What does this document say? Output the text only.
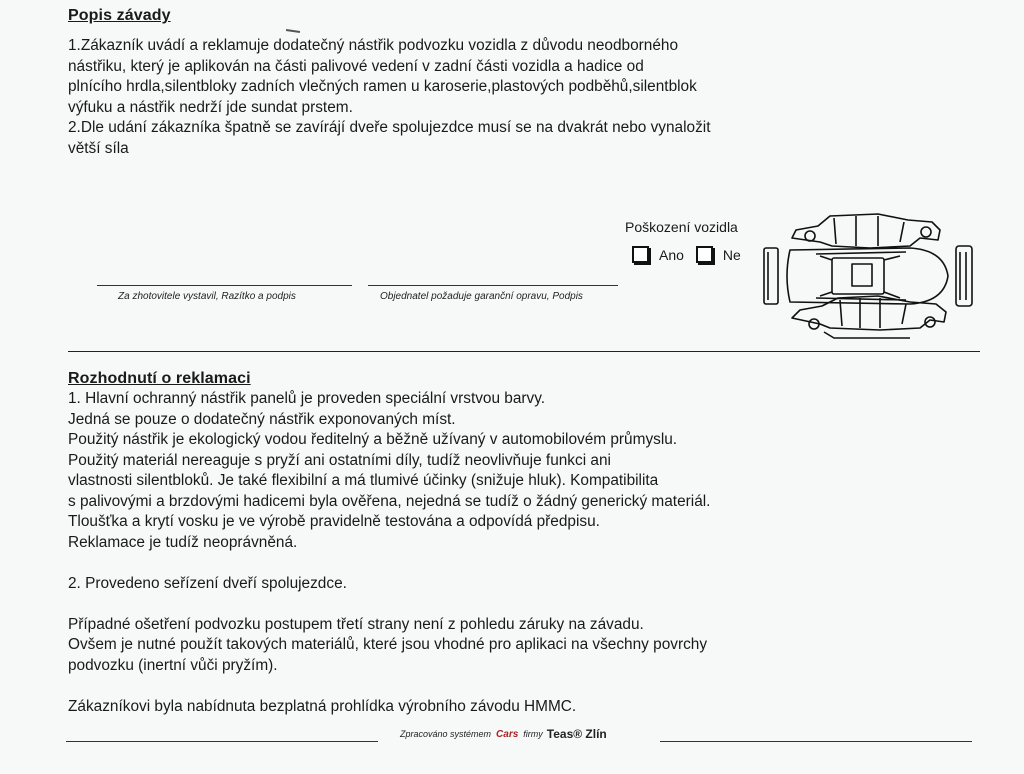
Popis závady
1.Zákazník uvádí a reklamuje dodatečný nástřik podvozku vozidla z důvodu neodborného
nástřiku, který je aplikován na části palivové vedení v zadní části vozidla a hadice od
plnícího hrdla,silentbloky zadních vlečných ramen u karoserie,plastových podběhů,silentblok
výfuku a nástřik nedrží jde sundat prstem.
2.Dle udání zákazníka špatně se zavírájí dveře spolujezdce musí se na dvakrát nebo vynaložit
větší síla
Za zhotovitele vystavil, Razítko a podpis	Objednatel požaduje garanční opravu, Podpis
Poškození vozidla
Ano	Ne
Rozhodnutí o reklamaci
1. Hlavní ochranný nástřik panelů je proveden speciální vrstvou barvy.
Jedná se pouze o dodatečný nástřik exponovaných míst.
Použitý nástřik je ekologický vodou ředitelný a běžně užívaný v automobilovém průmyslu.
Použitý materiál nereaguje s pryží ani ostatními díly, tudíž neovlivňuje funkci ani
vlastnosti silentbloků. Je také flexibilní a má tlumivé účinky (snižuje hluk). Kompatibilita
s palivovými a brzdovými hadicemi byla ověřena, nejedná se tudíž o žádný generický materiál.
Tloušťka a krytí vosku je ve výrobě pravidelně testována a odpovídá předpisu.
Reklamace je tudíž neoprávněná.
2. Provedeno seřízení dveří spolujezdce.
Případné ošetření podvozku postupem třetí strany není z pohledu záruky na závadu.
Ovšem je nutné použít takových materiálů, které jsou vhodné pro aplikaci na všechny povrchy
podvozku (inertní vůči pryžím).
Zákazníkovi byla nabídnuta bezplatná prohlídka výrobního závodu HMMC.
Zpracováno systémem Cars firmy Teas® Zlín
